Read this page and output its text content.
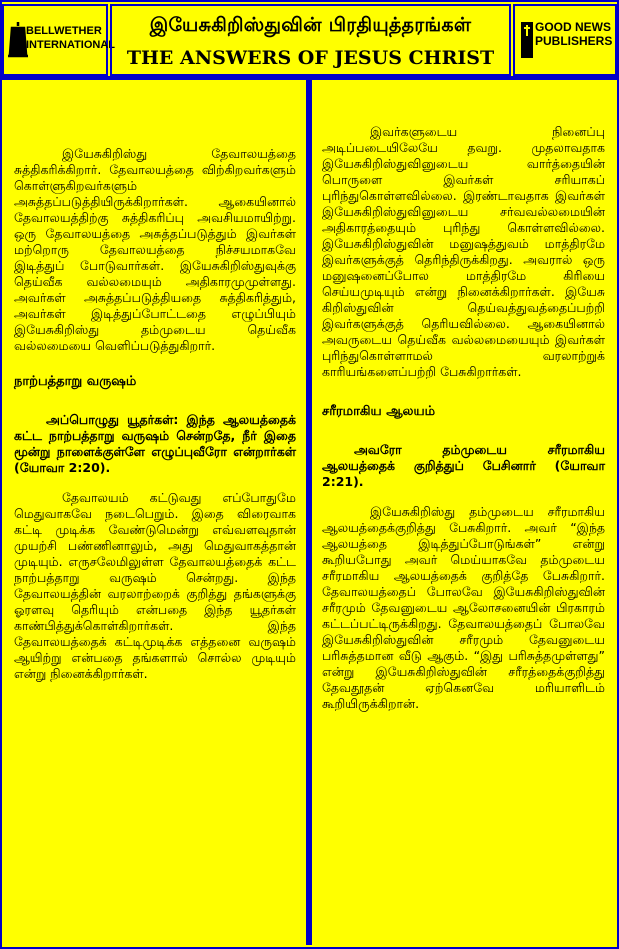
BELLWETHER INTERNATIONAL
இயேசுகிறிஸ்துவின் பிரதியுத்தரங்கள்
THE ANSWERS OF JESUS CHRIST
GOOD NEWS PUBLISHERS

இயேசுகிறிஸ்து தேவாலயத்தை சுத்திகரிக்கிறார். தேவாலயத்தை விற்கிறவர்களும் கொள்ளுகிறவர்களும் அசுத்தப்படுத்தியிருக்கிறார்கள். ஆகையினால் தேவாலயத்திற்கு சுத்திகரிப்பு அவசியமாயிற்று. ஒரு தேவாலயத்தை அசுத்தப்படுத்தும் இவர்கள் மற்றொரு தேவாலயத்தை நிச்சயமாகவே இடித்துப் போடுவார்கள். இயேசுகிறிஸ்துவுக்கு தெய்வீக வல்லமையும் அதிகாரமுமுள்ளது. அவர்கள் அசுத்தப்படுத்தியதை சுத்திகரித்தும், அவர்கள் இடித்துப்போட்டதை எழுப்பியும் இயேசுகிறிஸ்து தம்முடைய தெய்வீக வல்லமையை வெளிப்படுத்துகிறார்.

நாற்பத்தாறு வருஷம்

அப்பொழுது யூதர்கள்: இந்த ஆலயத்தைக் கட்ட நாற்பத்தாறு வருஷம் சென்றதே, நீர் இதை மூன்று நாளைக்குள்ளே எழுப்புவீரோ என்றார்கள் (யோவா 2:20).

தேவாலயம் கட்டுவது எப்போதுமே மெதுவாகவே நடைபெறும். இதை விரைவாக கட்டி முடிக்க வேண்டுமென்று எவ்வளவுதான் முயற்சி பண்ணினாலும், அது மெதுவாகத்தான் முடியும். எருசலேமிலுள்ள தேவாலயத்தைக் கட்ட நாற்பத்தாறு வருஷம் சென்றது. இந்த தேவாலயத்தின் வரலாற்றைக் குறித்து தங்களுக்கு ஓரளவு தெரியும் என்பதை இந்த யூதர்கள் காண்பித்துக்கொள்கிறார்கள். இந்த தேவாலயத்தைக் கட்டிமுடிக்க எத்தனை வருஷம் ஆயிற்று என்பதை தங்களால் சொல்ல முடியும் என்று நினைக்கிறார்கள்.

இவர்களுடைய நினைப்பு அடிப்படையிலேயே தவறு. முதலாவதாக இயேசுகிறிஸ்துவினுடைய வார்த்தையின் பொருளை இவர்கள் சரியாகப் புரிந்துகொள்ளவில்லை. இரண்டாவதாக இவர்கள் இயேசுகிறிஸ்துவினுடைய சர்வவல்லமையின் அதிகாரத்தையும் புரிந்து கொள்ளவில்லை. இயேசுகிறிஸ்துவின் மனுஷத்துவம் மாத்திரமே இவர்களுக்குத் தெரிந்திருக்கிறது. அவரால் ஒரு மனுஷனைப்போல மாத்திரமே கிரியை செய்யமுடியும் என்று நினைக்கிறார்கள். இயேசு கிறிஸ்துவின் தெய்வத்துவத்தைப்பற்றி இவர்களுக்குத் தெரியவில்லை. ஆகையினால் அவருடைய தெய்வீக வல்லமையையும் இவர்கள் புரிந்துகொள்ளாமல் வரலாற்றுக் காரியங்களைப்பற்றி பேசுகிறார்கள்.

சரீரமாகிய ஆலயம்

அவரோ தம்முடைய சரீரமாகிய ஆலயத்தைக் குறித்துப் பேசினார் (யோவா 2:21).

இயேசுகிறிஸ்து தம்முடைய சரீரமாகிய ஆலயத்தைக்குறித்து பேசுகிறார். அவர் “இந்த ஆலயத்தை இடித்துப்போடுங்கள்” என்று கூறியபோது அவர் மெய்யாகவே தம்முடைய சரீரமாகிய ஆலயத்தைக் குறித்தே பேசுகிறார். தேவாலயத்தைப் போலவே இயேசுகிறிஸ்துவின் சரீரமும் தேவனுடைய ஆலோசனையின் பிரகாரம் கட்டப்பட்டிருக்கிறது. தேவாலயத்தைப் போலவே இயேசுகிறிஸ்துவின் சரீரமும் தேவனுடைய பரிசுத்தமான வீடு ஆகும். “இது பரிசுத்தமுள்ளது” என்று இயேசுகிறிஸ்துவின் சரீரத்தைக்குறித்து தேவதூதன் ஏற்கெனவே மரியாளிடம் கூறியிருக்கிறான்.
